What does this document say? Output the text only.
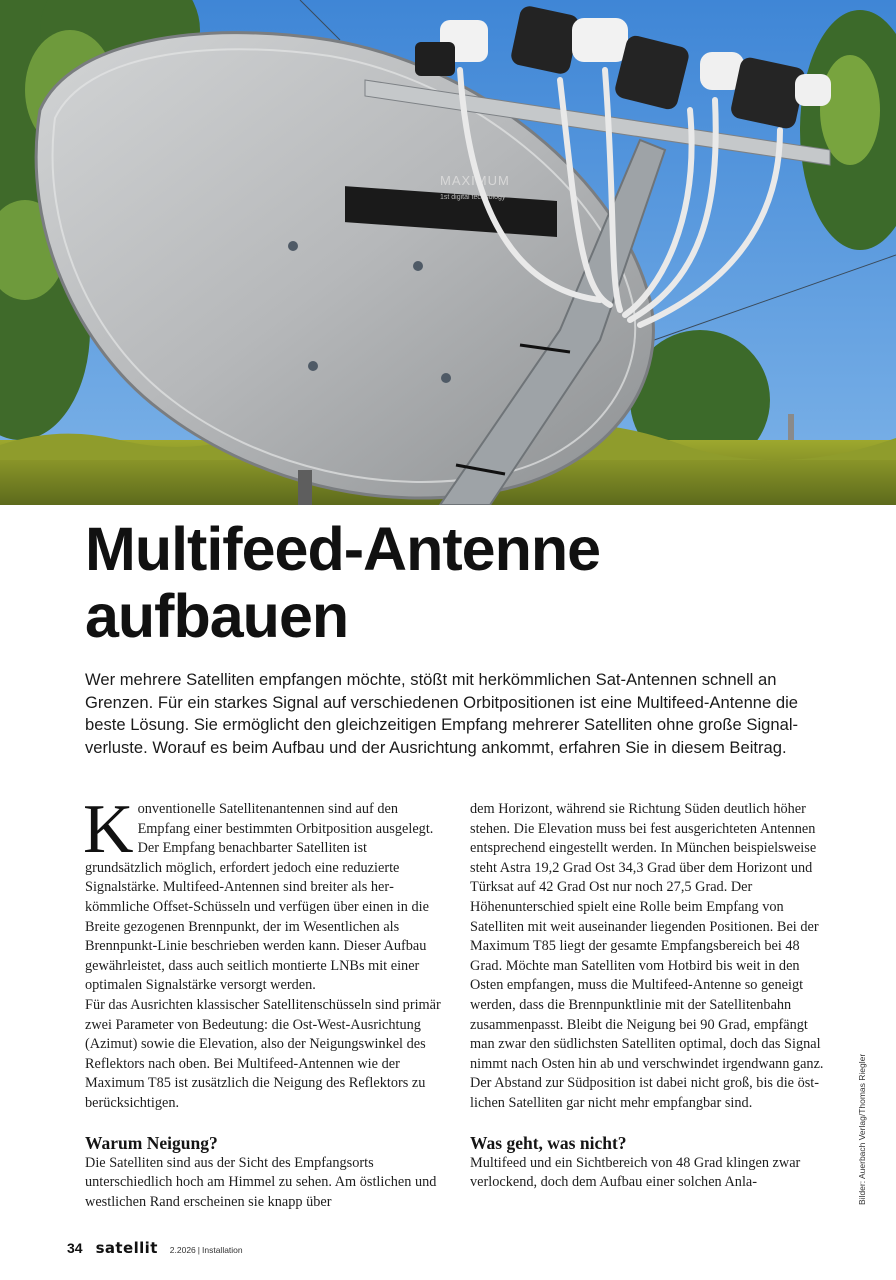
MAXIMUM
1st digital technology
Multifeed-Antenne aufbauen

Wer mehrere Satelliten empfangen möchte, stößt mit herkömmlichen Sat-Antennen schnell an Grenzen. Für ein starkes Signal auf verschiedenen Orbitpositionen ist eine Multifeed-Antenne die beste Lösung. Sie ermöglicht den gleichzeitigen Empfang mehrerer Satelliten ohne große Signalverluste. Worauf es beim Aufbau und der Ausrichtung ankommt, erfahren Sie in diesem Beitrag.

Konventionelle Satellitenantennen sind auf den Empfang einer bestimmten Orbitposition ausgelegt. Der Empfang benachbarter Satelliten ist grundsätzlich möglich, erfordert jedoch eine reduzierte Signalstärke. Multifeed-Antennen sind breiter als herkömmliche Offset-Schüsseln und verfügen über einen in die Breite gezogenen Brennpunkt, der im Wesentlichen als Brennpunkt-Linie beschrieben werden kann. Dieser Aufbau gewährleistet, dass auch seitlich montierte LNBs mit einer optimalen Signalstärke versorgt werden.

Für das Ausrichten klassischer Satellitenschüsseln sind primär zwei Parameter von Bedeutung: die Ost-West-Ausrichtung (Azimut) sowie die Elevation, also der Neigungswinkel des Reflektors nach oben. Bei Multifeed-Antennen wie der Maximum T85 ist zusätzlich die Neigung des Reflektors zu berücksichtigen.

Warum Neigung?

Die Satelliten sind aus der Sicht des Empfangsorts unterschiedlich hoch am Himmel zu sehen. Am östlichen und westlichen Rand erscheinen sie knapp über

dem Horizont, während sie Richtung Süden deutlich höher stehen. Die Elevation muss bei fest ausgerichteten Antennen entsprechend eingestellt werden. In München beispielsweise steht Astra 19,2 Grad Ost 34,3 Grad über dem Horizont und Türksat auf 42 Grad Ost nur noch 27,5 Grad. Der Höhenunterschied spielt eine Rolle beim Empfang von Satelliten mit weit auseinander liegenden Positionen. Bei der Maximum T85 liegt der gesamte Empfangsbereich bei 48 Grad. Möchte man Satelliten vom Hotbird bis weit in den Osten empfangen, muss die Multifeed-Antenne so geneigt werden, dass die Brennpunktlinie mit der Satellitenbahn zusammenpasst. Bleibt die Neigung bei 90 Grad, empfängt man zwar den südlichsten Satelliten optimal, doch das Signal nimmt nach Osten hin ab und verschwindet irgendwann ganz. Der Abstand zur Südposition ist dabei nicht groß, bis die östlichen Satelliten gar nicht mehr empfangbar sind.

Was geht, was nicht?

Multifeed und ein Sichtbereich von 48 Grad klingen zwar verlockend, doch dem Aufbau einer solchen Anla-	Bilder: Auerbach Verlag/Thomas Riegler
34 satellit 2.2026 | Installation
